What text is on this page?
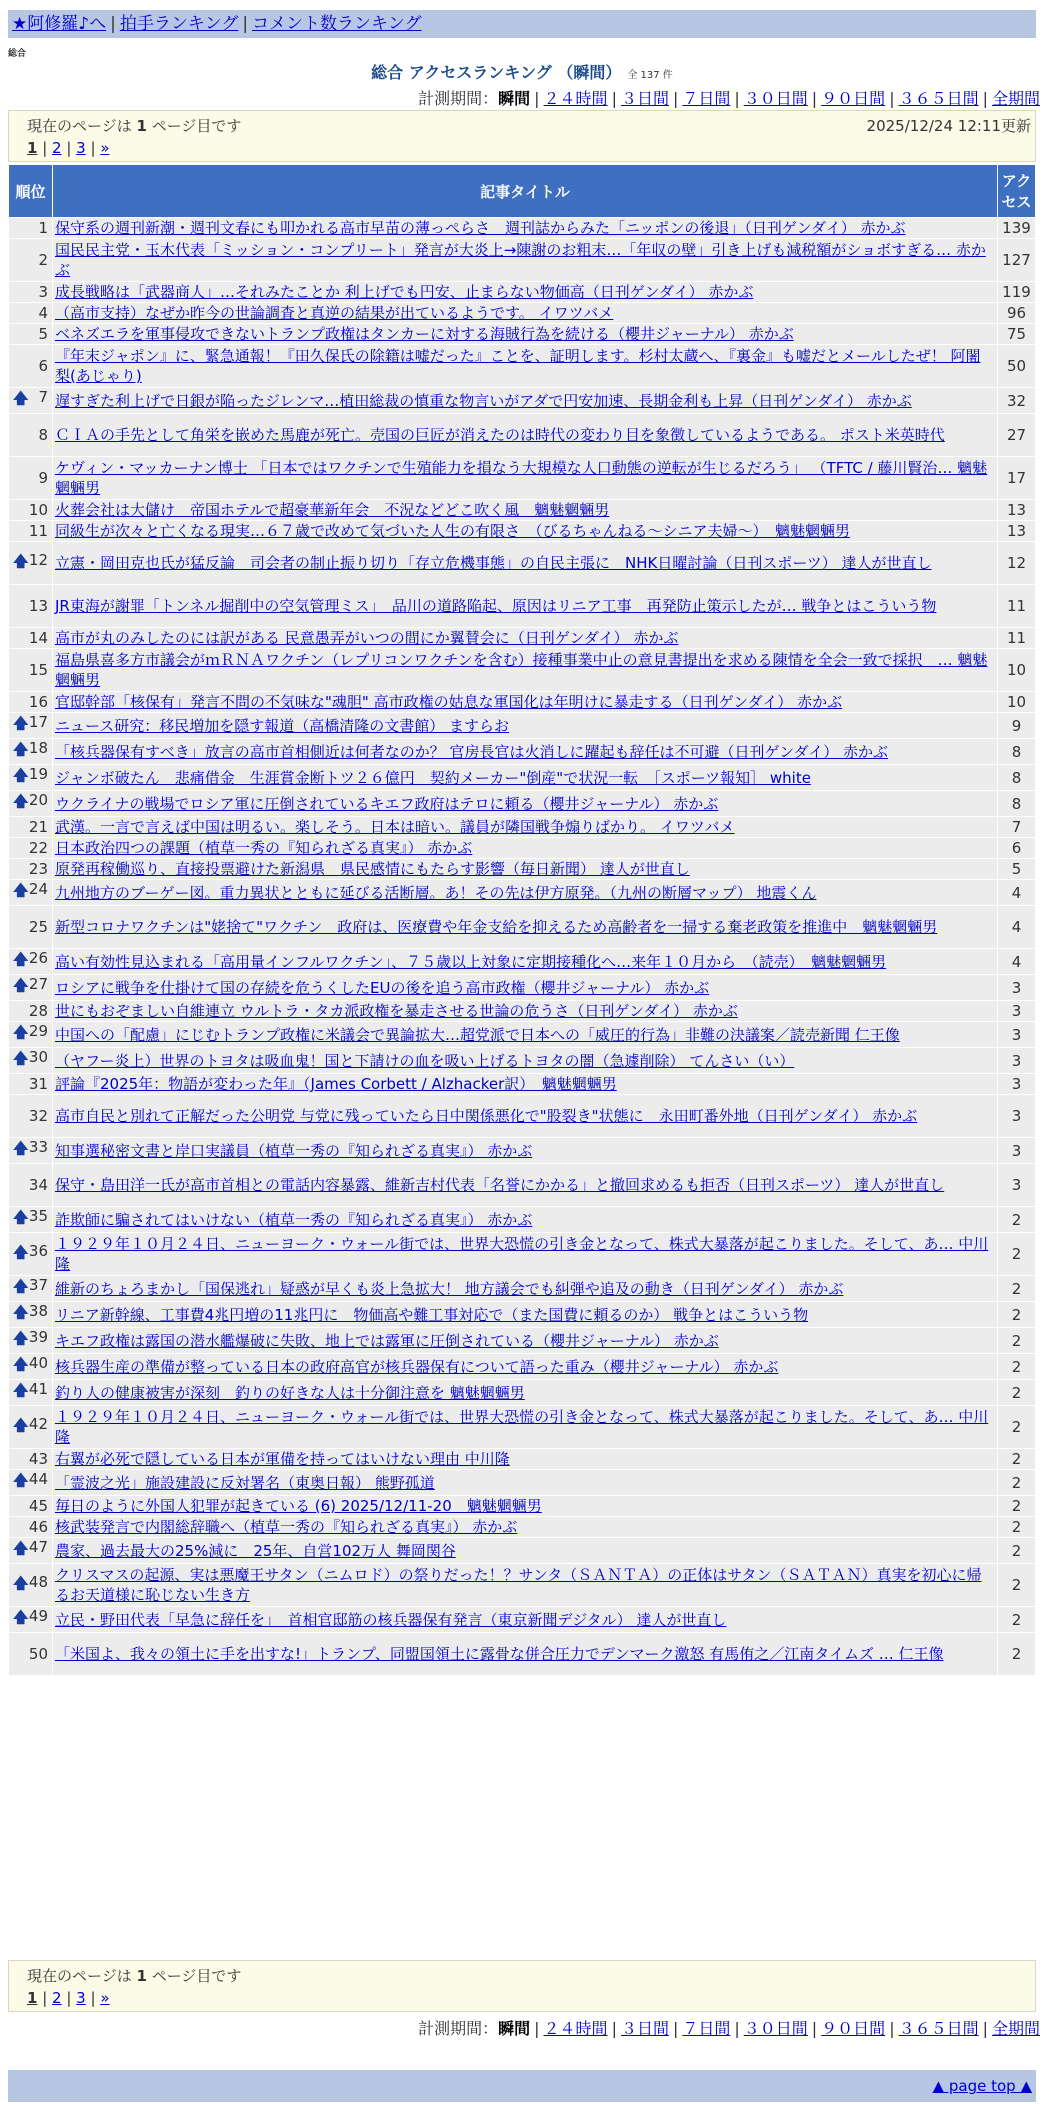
★阿修羅♪へ | 拍手ランキング | コメント数ランキング
総合
総合 アクセスランキング （瞬間） 全 137 件
計測期間：瞬間 | ２４時間 | ３日間 | ７日間 | ３０日間 | ９０日間 | ３６５日間 | 全期間
現在のページは 1 ページ目です	2025/12/24 12:11更新
1 | 2 | 3 | »
順位	記事タイトル	アクセス
1	保守系の週刊新潮・週刊文春にも叩かれる高市早苗の薄っぺらさ　週刊誌からみた「ニッポンの後退」（日刊ゲンダイ） 赤かぶ	139
2	国民民主党・玉木代表「ミッション・コンプリート」発言が大炎上→陳謝のお粗末…「年収の壁」引き上げも減税額がショボすぎる… 赤かぶ	127
3	成長戦略は「武器商人」…それみたことか 利上げでも円安、止まらない物価高（日刊ゲンダイ） 赤かぶ	119
4	（高市支持）なぜか昨今の世論調査と真逆の結果が出ているようです。 イワツバメ	96
5	ベネズエラを軍事侵攻できないトランプ政権はタンカーに対する海賊行為を続ける（櫻井ジャーナル） 赤かぶ	75
6	『年末ジャポン』に、緊急通報！『田久保氏の除籍は嘘だった』ことを、証明します。杉村太蔵へ、『裏金』も嘘だとメールしたぜ！ 阿闍梨(あじゃり)	50

🡅 7	遅すぎた利上げで日銀が陥ったジレンマ…植田総裁の慎重な物言いがアダで円安加速、長期金利も上昇（日刊ゲンダイ） 赤かぶ	32
8	ＣＩＡの手先として角栄を嵌めた馬鹿が死亡。売国の巨匠が消えたのは時代の変わり目を象徴しているようである。 ポスト米英時代	27
9	ケヴィン・マッカーナン博士 「日本ではワクチンで生殖能力を損なう大規模な人口動態の逆転が生じるだろう」 （TFTC / 藤川賢治… 魑魅魍魎男	17
10	火葬会社は大儲け　帝国ホテルで超豪華新年会　不況などどこ吹く風　魑魅魍魎男	13
11	同級生が次々と亡くなる現実…６７歳で改めて気づいた人生の有限さ　（びるちゃんねる〜シニア夫婦〜）　魑魅魍魎男	13

🡅 12	立憲・岡田克也氏が猛反論　司会者の制止振り切り「存立危機事態」の自民主張に　NHK日曜討論（日刊スポーツ） 達人が世直し	12
13	JR東海が謝罪「トンネル掘削中の空気管理ミス」　品川の道路陥起、原因はリニア工事　再発防止策示したが… 戦争とはこういう物	11
14	高市が丸のみしたのには訳がある 民意愚弄がいつの間にか翼賛会に（日刊ゲンダイ） 赤かぶ	11
15	福島県喜多方市議会がｍＲＮＡワクチン（レプリコンワクチンを含む）接種事業中止の意見書提出を求める陳情を全会一致で採択　… 魑魅魍魎男	10
16	官邸幹部「核保有」発言不問の不気味な"魂胆" 高市政権の姑息な軍国化は年明けに暴走する（日刊ゲンダイ） 赤かぶ	10

🡅 17	ニュース研究：移民増加を隠す報道（高橋清隆の文書館） ますらお	9

🡅 18	「核兵器保有すべき」放言の高市首相側近は何者なのか？ 官房長官は火消しに躍起も辞任は不可避（日刊ゲンダイ） 赤かぶ	8

🡅 19	ジャンボ破たん　悲痛借金　生涯賞金断トツ２６億円　契約メーカー"倒産"で状況一転　［スポーツ報知］ white	8

🡅 20	ウクライナの戦場でロシア軍に圧倒されているキエフ政府はテロに頼る（櫻井ジャーナル） 赤かぶ	8
21	武漢。一言で言えば中国は明るい。楽しそう。日本は暗い。議員が隣国戦争煽りばかり。 イワツバメ	7
22	日本政治四つの課題（植草一秀の『知られざる真実』） 赤かぶ	6
23	原発再稼働巡り、直接投票避けた新潟県　県民感情にもたらす影響（毎日新聞） 達人が世直し	5

🡅 24	九州地方のブーゲー図。重力異状とともに延びる活断層。あ！その先は伊方原発。（九州の断層マップ） 地震くん	4
25	新型コロナワクチンは"姥捨て"ワクチン　政府は、医療費や年金支給を抑えるため高齢者を一掃する棄老政策を推進中　魑魅魍魎男	4

🡅 26	高い有効性見込まれる「高用量インフルワクチン」、７５歳以上対象に定期接種化へ…来年１０月から　（読売）　魑魅魍魎男	4

🡅 27	ロシアに戦争を仕掛けて国の存続を危うくしたEUの後を追う高市政権（櫻井ジャーナル） 赤かぶ	3
28	世にもおぞましい自維連立 ウルトラ・タカ派政権を暴走させる世論の危うさ（日刊ゲンダイ） 赤かぶ	3

🡅 29	中国への「配慮」にじむトランプ政権に米議会で異論拡大…超党派で日本への「威圧的行為」非難の決議案／読売新聞 仁王像	3

🡅 30	（ヤフー炎上）世界のトヨタは吸血鬼！国と下請けの血を吸い上げるトヨタの闇（急遽削除） てんさい（い）	3
31	評論『2025年：物語が変わった年』（James Corbett / Alzhacker訳）　魑魅魍魎男	3
32	高市自民と別れて正解だった公明党 与党に残っていたら日中関係悪化で"股裂き"状態に　永田町番外地（日刊ゲンダイ） 赤かぶ	3

🡅 33	知事選秘密文書と岸口実議員（植草一秀の『知られざる真実』） 赤かぶ	3
34	保守・島田洋一氏が高市首相との電話内容暴露、維新吉村代表「名誉にかかる」と撤回求めるも拒否（日刊スポーツ） 達人が世直し	3

🡅 35	詐欺師に騙されてはいけない（植草一秀の『知られざる真実』） 赤かぶ	2

🡅 36	１９２９年１０月２４日、ニューヨーク・ウォール街では、世界大恐慌の引き金となって、株式大暴落が起こりました。そして、あ… 中川隆	2

🡅 37	維新のちょろまかし「国保逃れ」疑惑が早くも炎上急拡大！ 地方議会でも糾弾や追及の動き（日刊ゲンダイ） 赤かぶ	2

🡅 38	リニア新幹線、工事費4兆円増の11兆円に　物価高や難工事対応で（また国費に頼るのか） 戦争とはこういう物	2

🡅 39	キエフ政権は露国の潜水艦爆破に失敗、地上では露軍に圧倒されている（櫻井ジャーナル） 赤かぶ	2

🡅 40	核兵器生産の準備が整っている日本の政府高官が核兵器保有について語った重み（櫻井ジャーナル） 赤かぶ	2

🡅 41	釣り人の健康被害が深刻　釣りの好きな人は十分御注意を 魑魅魍魎男	2

🡅 42	１９２９年１０月２４日、ニューヨーク・ウォール街では、世界大恐慌の引き金となって、株式大暴落が起こりました。そして、あ… 中川隆	2
43	右翼が必死で隠している日本が軍備を持ってはいけない理由 中川隆	2

🡅 44	「霊波之光」施設建設に反対署名（東奥日報） 熊野孤道	2
45	毎日のように外国人犯罪が起きている (6) 2025/12/11-20　魑魅魍魎男	2
46	核武装発言で内閣総辞職へ（植草一秀の『知られざる真実』） 赤かぶ	2

🡅 47	農家、過去最大の25%減に　25年、自営102万人 舞岡関谷	2

🡅 48	クリスマスの起源、実は悪魔王サタン（ニムロド）の祭りだった！？サンタ（ＳＡＮＴＡ）の正体はサタン（ＳＡＴＡＮ）真実を初心に帰るお天道様に恥じない生き方	2

🡅 49	立民・野田代表「早急に辞任を」　首相官邸筋の核兵器保有発言（東京新聞デジタル） 達人が世直し	2
50	「米国よ、我々の領土に手を出すな!」トランプ、同盟国領土に露骨な併合圧力でデンマーク激怒 有馬侑之／江南タイムズ … 仁王像	2
現在のページは 1 ページ目です
1 | 2 | 3 | »
計測期間：瞬間 | ２４時間 | ３日間 | ７日間 | ３０日間 | ９０日間 | ３６５日間 | 全期間
▲ page top ▲
